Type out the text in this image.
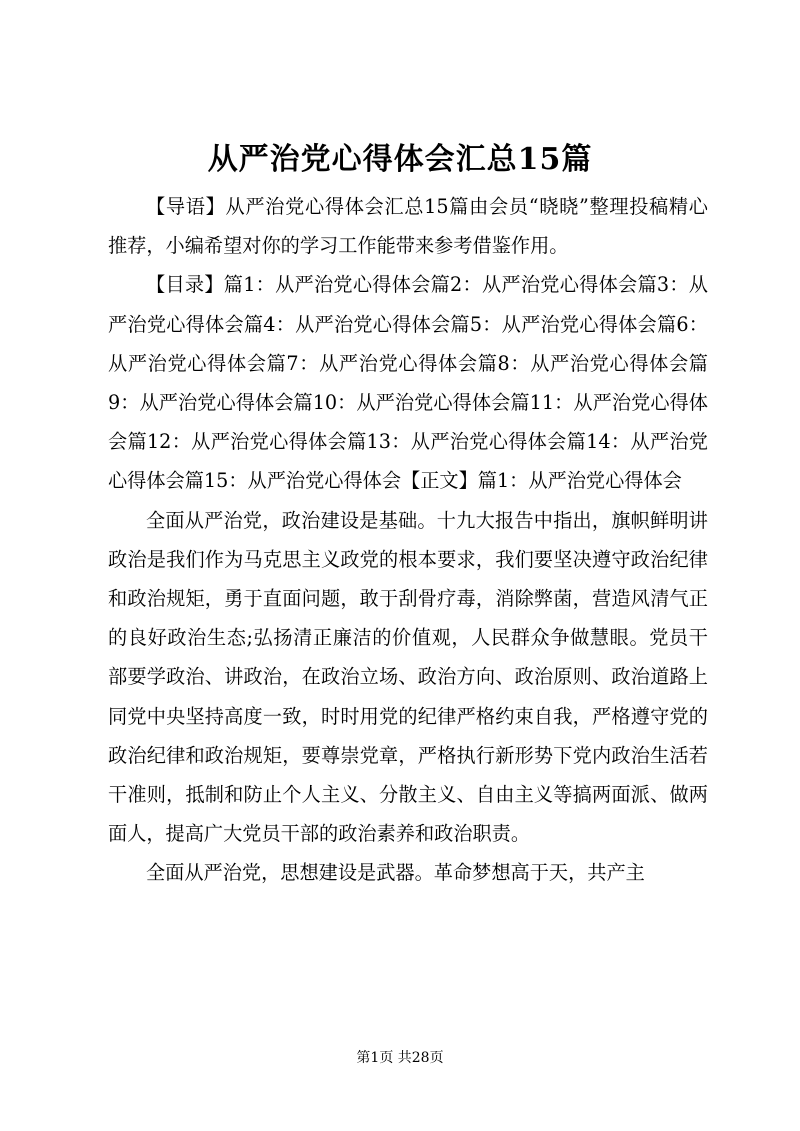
从严治党心得体会汇总15篇

【导语】从严治党心得体会汇总15篇由会员“晓晓”整理投稿精心推荐，小编希望对你的学习工作能带来参考借鉴作用。

【目录】篇1：从严治党心得体会篇2：从严治党心得体会篇3：从严治党心得体会篇4：从严治党心得体会篇5：从严治党心得体会篇6：从严治党心得体会篇7：从严治党心得体会篇8：从严治党心得体会篇9：从严治党心得体会篇10：从严治党心得体会篇11：从严治党心得体会篇12：从严治党心得体会篇13：从严治党心得体会篇14：从严治党心得体会篇15：从严治党心得体会【正文】篇1：从严治党心得体会

全面从严治党，政治建设是基础。十九大报告中指出，旗帜鲜明讲政治是我们作为马克思主义政党的根本要求，我们要坚决遵守政治纪律和政治规矩，勇于直面问题，敢于刮骨疗毒，消除弊菌，营造风清气正的良好政治生态;弘扬清正廉洁的价值观，人民群众争做慧眼。党员干部要学政治、讲政治，在政治立场、政治方向、政治原则、政治道路上同党中央坚持高度一致，时时用党的纪律严格约束自我，严格遵守党的政治纪律和政治规矩，要尊崇党章，严格执行新形势下党内政治生活若干准则，抵制和防止个人主义、分散主义、自由主义等搞两面派、做两面人，提高广大党员干部的政治素养和政治职责。

全面从严治党，思想建设是武器。革命梦想高于天，共产主

第1页 共28页
